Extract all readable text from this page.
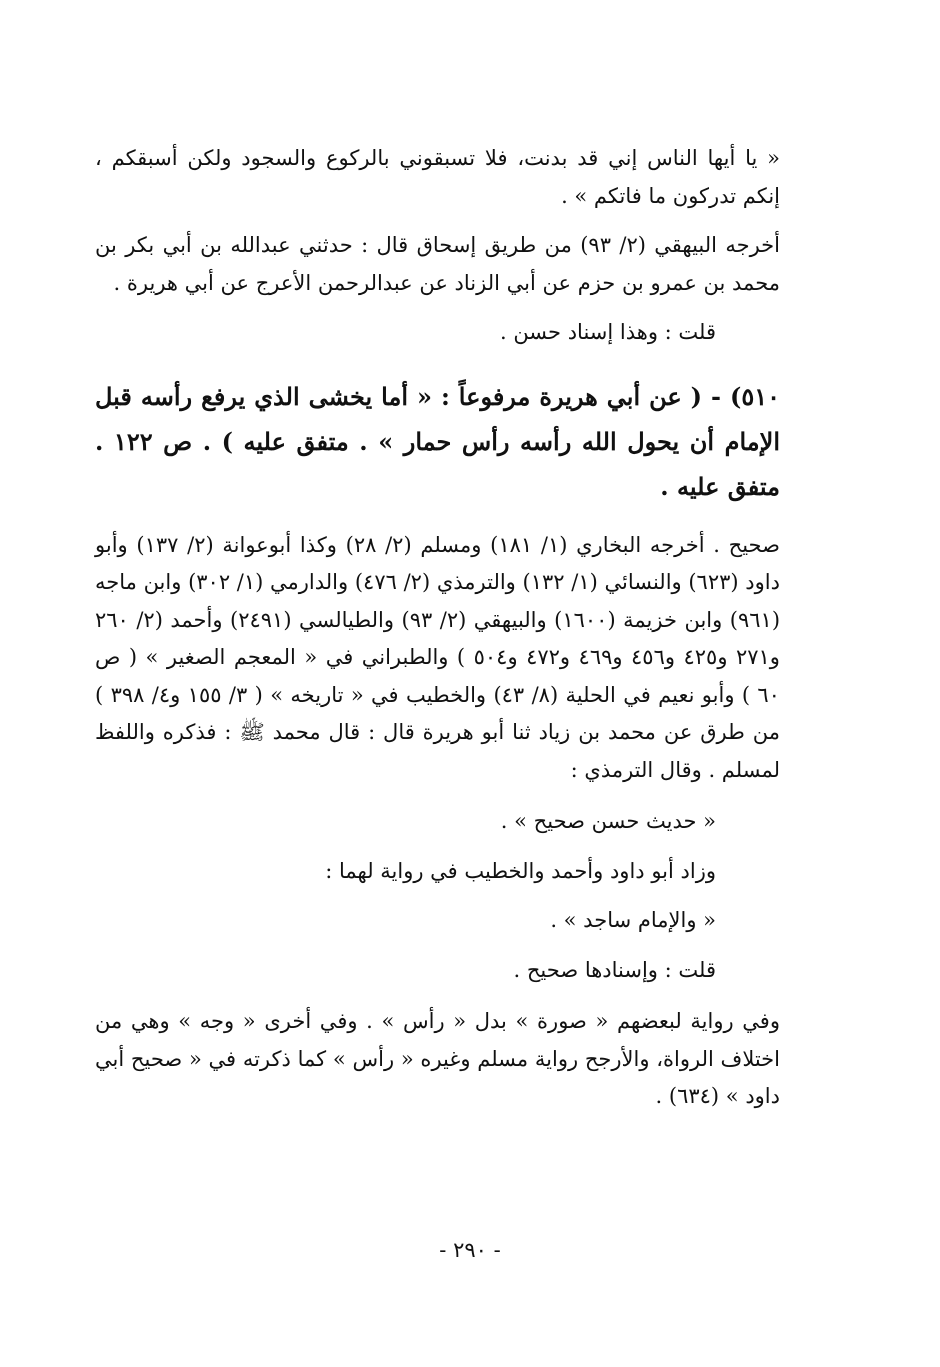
« يا أيها الناس إني قد بدنت، فلا تسبقوني بالركوع والسجود ولكن أسبقكم ، إنكم تدركون ما فاتكم » .

أخرجه البيهقي (٢/ ٩٣) من طريق إسحاق قال : حدثني عبدالله بن أبي بكر بن محمد بن عمرو بن حزم عن أبي الزناد عن عبدالرحمن الأعرج عن أبي هريرة .

قلت : وهذا إسناد حسن .

٥١٠) - ( عن أبي هريرة مرفوعاً : « أما يخشى الذي يرفع رأسه قبل الإمام أن يحول الله رأسه رأس حمار » . متفق عليه ) . ص ١٢٢ . متفق عليه .

صحيح . أخرجه البخاري (١/ ١٨١) ومسلم (٢/ ٢٨) وكذا أبوعوانة (٢/ ١٣٧) وأبو داود (٦٢٣) والنسائي (١/ ١٣٢) والترمذي (٢/ ٤٧٦) والدارمي (١/ ٣٠٢) وابن ماجه (٩٦١) وابن خزيمة (١٦٠٠) والبيهقي (٢/ ٩٣) والطيالسي (٢٤٩١) وأحمد (٢/ ٢٦٠ و٢٧١ و٤٢٥ و٤٥٦ و٤٦٩ و٤٧٢ و٥٠٤ ) والطبراني في « المعجم الصغير » ( ص ٦٠ ) وأبو نعيم في الحلية (٨/ ٤٣) والخطيب في « تاريخه » ( ٣/ ١٥٥ و٤/ ٣٩٨ ) من طرق عن محمد بن زياد ثنا أبو هريرة قال : قال محمد ﷺ : فذكره واللفظ لمسلم . وقال الترمذي :

« حديث حسن صحيح » .

وزاد أبو داود وأحمد والخطيب في رواية لهما :

« والإمام ساجد » .

قلت : وإسنادها صحيح .

وفي رواية لبعضهم « صورة » بدل « رأس » . وفي أخرى « وجه » وهي من اختلاف الرواة، والأرجح رواية مسلم وغيره « رأس » كما ذكرته في « صحيح أبي داود » (٦٣٤) .

- ٢٩٠ -
